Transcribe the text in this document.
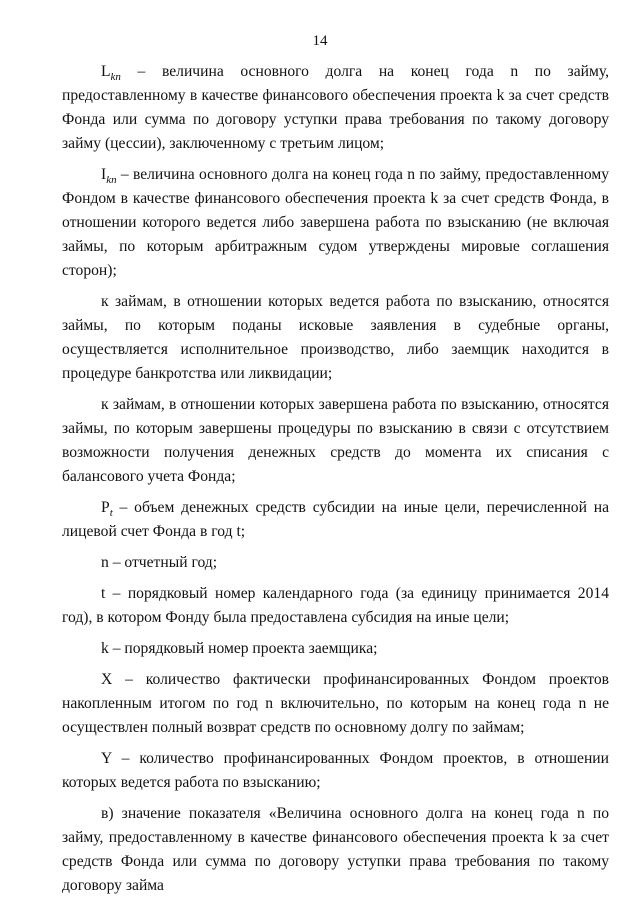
14

$L_{kn}$ – величина основного долга на конец года n по займу, предоставленному в качестве финансового обеспечения проекта k за счет средств Фонда или сумма по договору уступки права требования по такому договору займу (цессии), заключенному с третьим лицом;

$I_{kn}$ – величина основного долга на конец года n по займу, предоставленному Фондом в качестве финансового обеспечения проекта k за счет средств Фонда, в отношении которого ведется либо завершена работа по взысканию (не включая займы, по которым арбитражным судом утверждены мировые соглашения сторон);

к займам, в отношении которых ведется работа по взысканию, относятся займы, по которым поданы исковые заявления в судебные органы, осуществляется исполнительное производство, либо заемщик находится в процедуре банкротства или ликвидации;

к займам, в отношении которых завершена работа по взысканию, относятся займы, по которым завершены процедуры по взысканию в связи с отсутствием возможности получения денежных средств до момента их списания с балансового учета Фонда;

$P_t$ – объем денежных средств субсидии на иные цели, перечисленной на лицевой счет Фонда в год t;

n – отчетный год;

t – порядковый номер календарного года (за единицу принимается 2014 год), в котором Фонду была предоставлена субсидия на иные цели;

k – порядковый номер проекта заемщика;

X – количество фактически профинансированных Фондом проектов накопленным итогом по год n включительно, по которым на конец года n не осуществлен полный возврат средств по основному долгу по займам;

Y – количество профинансированных Фондом проектов, в отношении которых ведется работа по взысканию;

в) значение показателя «Величина основного долга на конец года n по займу, предоставленному в качестве финансового обеспечения проекта k за счет средств Фонда или сумма по договору уступки права требования по такому договору займа
